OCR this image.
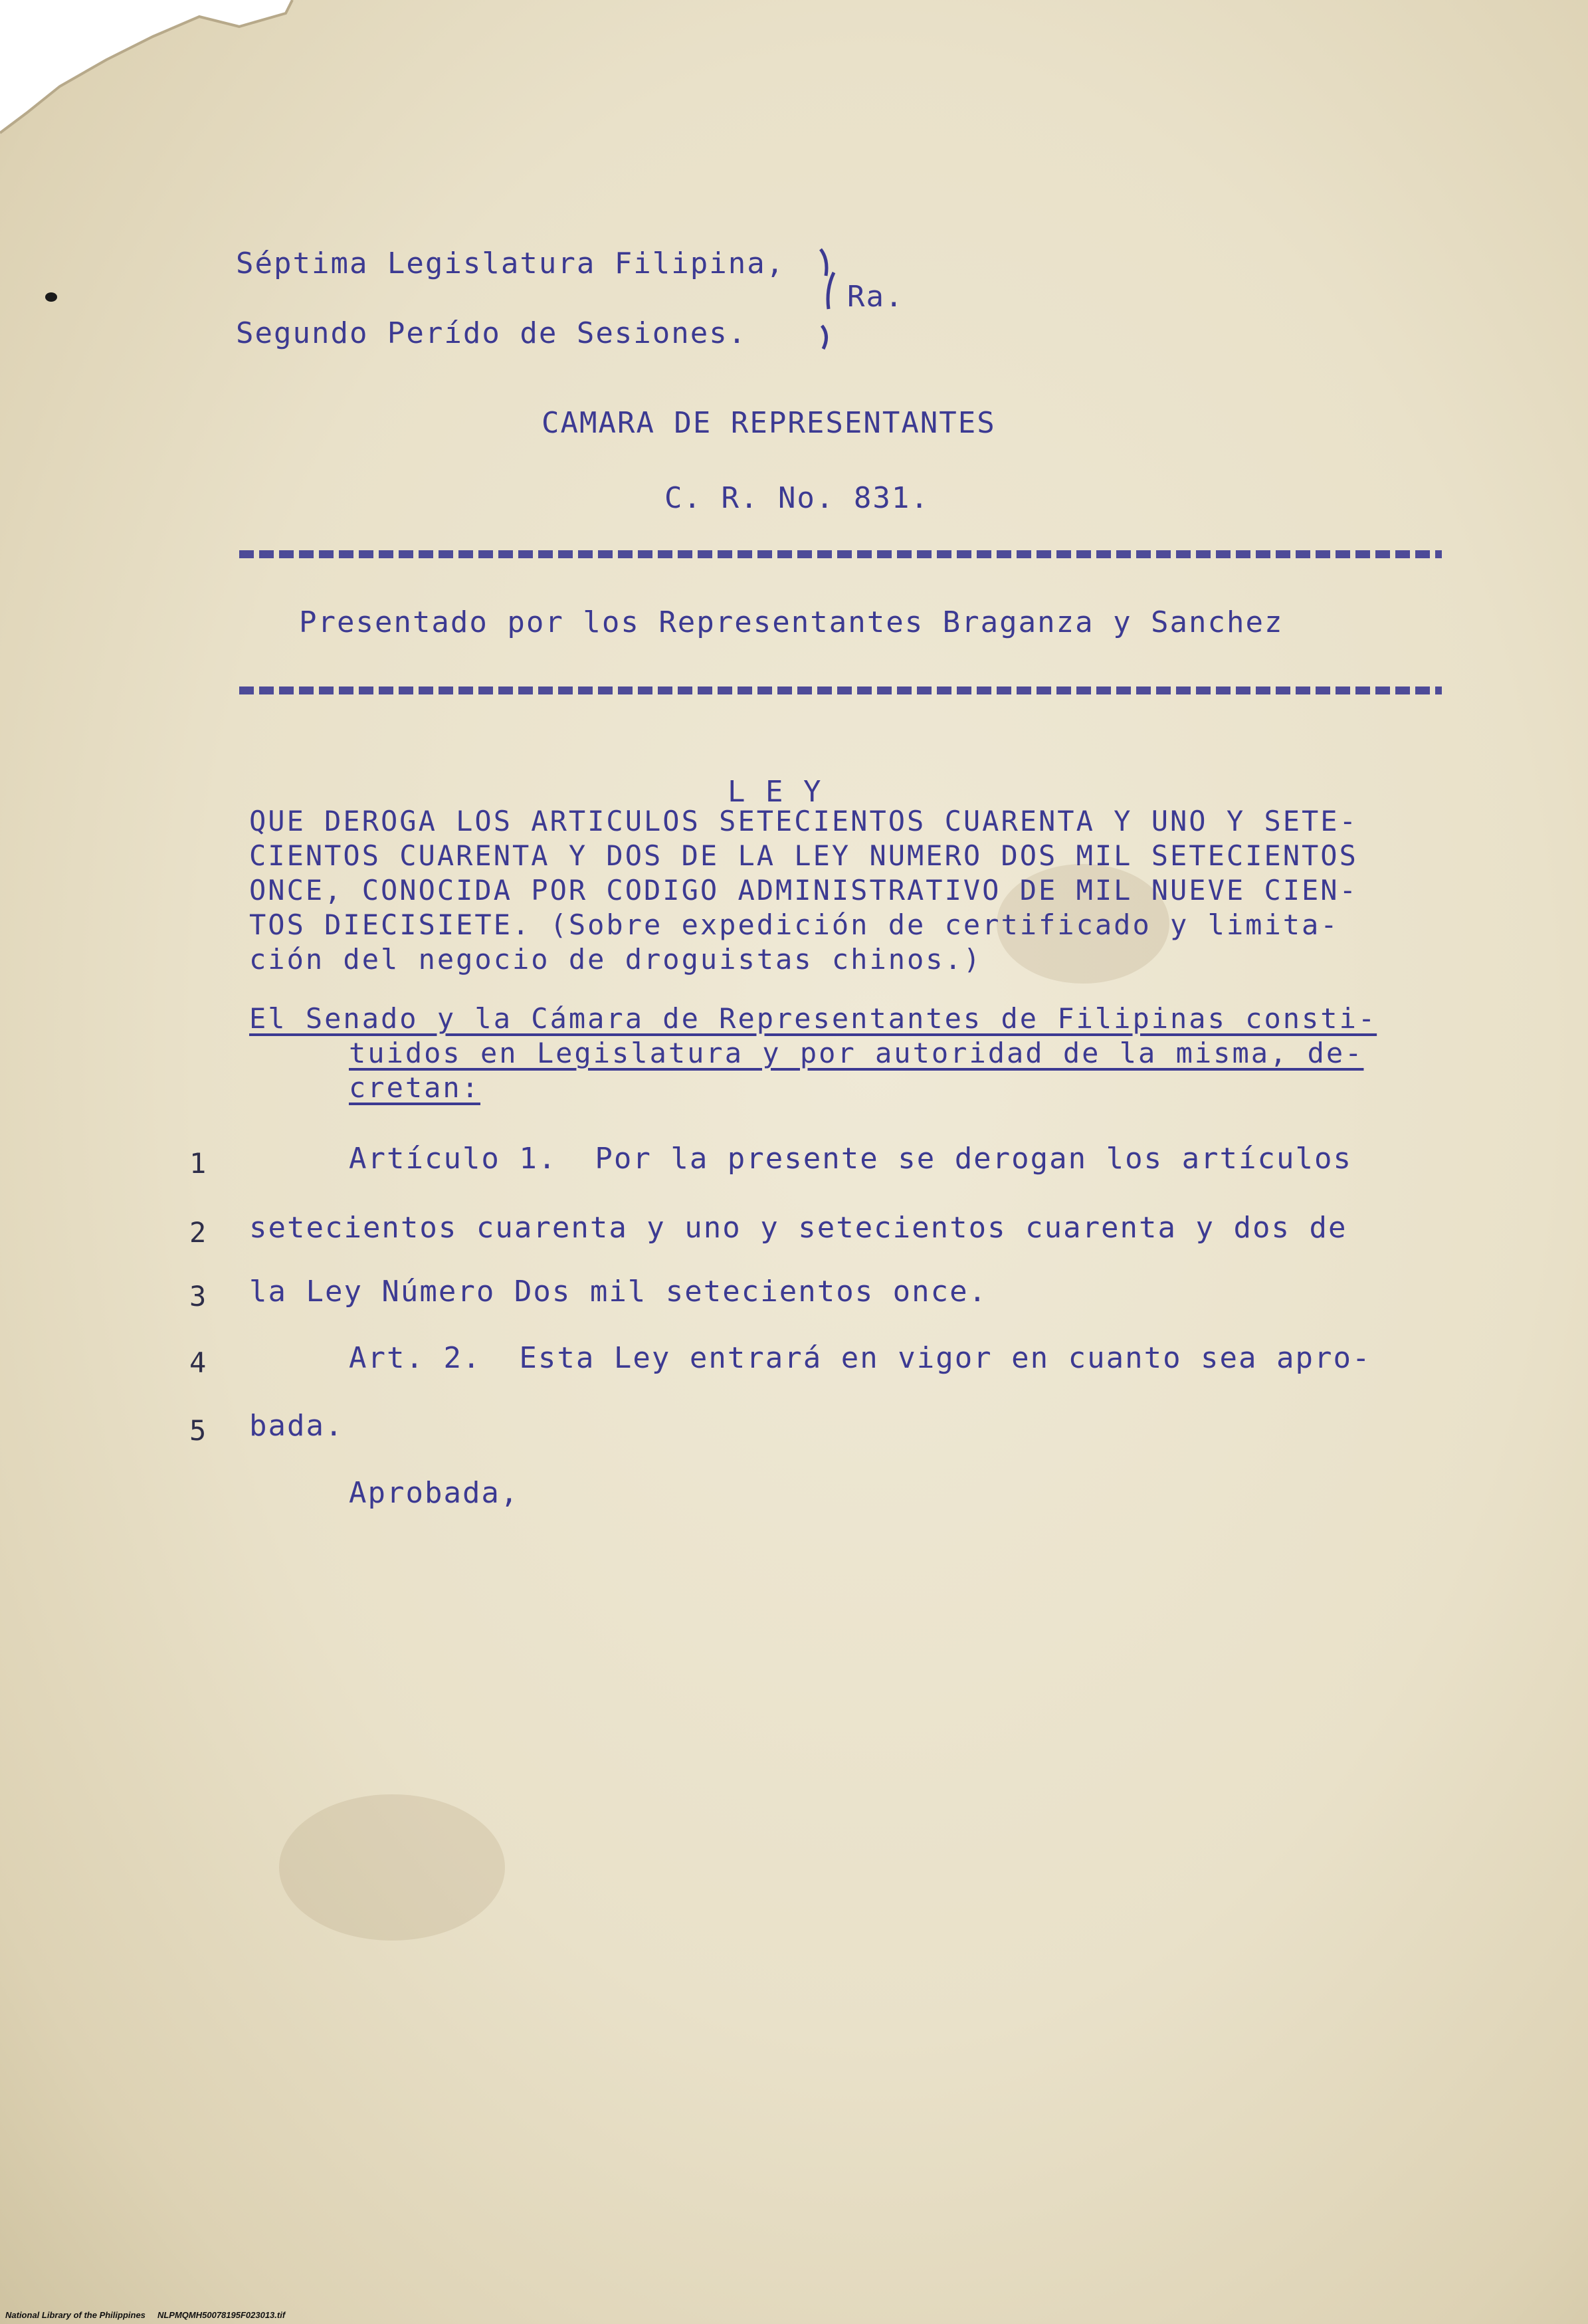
Séptima Legislatura Filipina,
Segundo Perído de Sesiones.
Ra.
CAMARA DE REPRESENTANTES
C. R. No. 831.
Presentado por los Representantes Braganza y Sanchez
L E Y
QUE DEROGA LOS ARTICULOS SETECIENTOS CUARENTA Y UNO Y SETE-
CIENTOS CUARENTA Y DOS DE LA LEY NUMERO DOS MIL SETECIENTOS
ONCE, CONOCIDA POR CODIGO ADMINISTRATIVO DE MIL NUEVE CIEN-
TOS DIECISIETE. (Sobre expedición de certificado y limita-
ción del negocio de droguistas chinos.)
El Senado y la Cámara de Representantes de Filipinas consti-
tuidos en Legislatura y por autoridad de la misma, de-
cretan:
1	Artículo 1.  Por la presente se derogan los artículos
2 setecientos cuarenta y uno y setecientos cuarenta y dos de
3 la Ley Número Dos mil setecientos once.
4	Art. 2.  Esta Ley entrará en vigor en cuanto sea apro-
5 bada.
Aprobada,
National Library of the Philippines     NLPMQMH50078195F023013.tif
